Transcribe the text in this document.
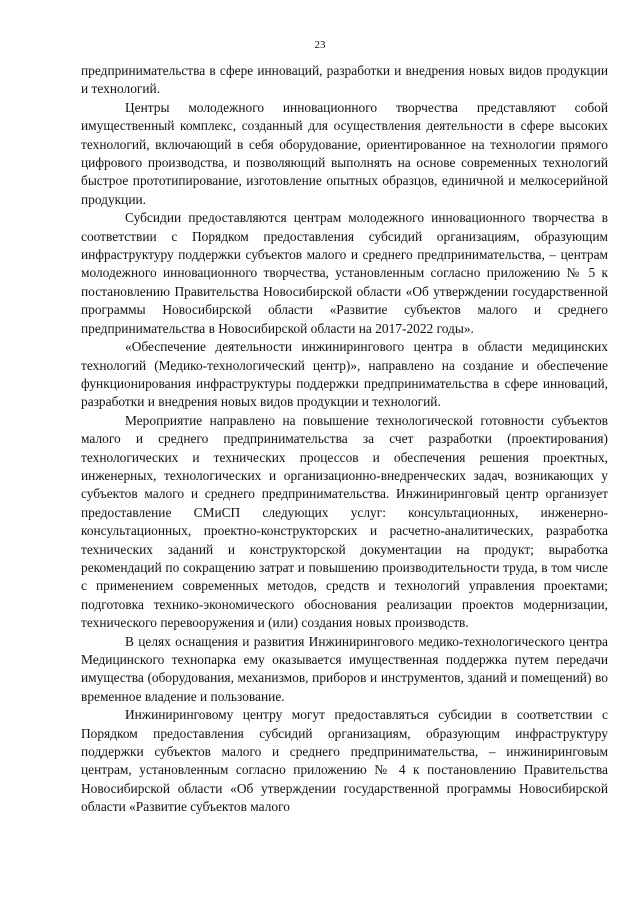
23

предпринимательства в сфере инноваций, разработки и внедрения новых видов продукции и технологий.

Центры молодежного инновационного творчества представляют собой имущественный комплекс, созданный для осуществления деятельности в сфере высоких технологий, включающий в себя оборудование, ориентированное на технологии прямого цифрового производства, и позволяющий выполнять на основе современных технологий быстрое прототипирование, изготовление опытных образцов, единичной и мелкосерийной продукции.

Субсидии предоставляются центрам молодежного инновационного творчества в соответствии с Порядком предоставления субсидий организациям, образующим инфраструктуру поддержки субъектов малого и среднего предпринимательства, – центрам молодежного инновационного творчества, установленным согласно приложению № 5 к постановлению Правительства Новосибирской области «Об утверждении государственной программы Новосибирской области «Развитие субъектов малого и среднего предпринимательства в Новосибирской области на 2017-2022 годы».

«Обеспечение деятельности инжинирингового центра в области медицинских технологий (Медико-технологический центр)», направлено на создание и обеспечение функционирования инфраструктуры поддержки предпринимательства в сфере инноваций, разработки и внедрения новых видов продукции и технологий.

Мероприятие направлено на повышение технологической готовности субъектов малого и среднего предпринимательства за счет разработки (проектирования) технологических и технических процессов и обеспечения решения проектных, инженерных, технологических и организационно-внедренческих задач, возникающих у субъектов малого и среднего предпринимательства. Инжиниринговый центр организует предоставление СМиСП следующих услуг: консультационных, инженерно-консультационных, проектно-конструкторских и расчетно-аналитических, разработка технических заданий и конструкторской документации на продукт; выработка рекомендаций по сокращению затрат и повышению производительности труда, в том числе с применением современных методов, средств и технологий управления проектами; подготовка технико-экономического обоснования реализации проектов модернизации, технического перевооружения и (или) создания новых производств.

В целях оснащения и развития Инжинирингового медико-технологического центра Медицинского технопарка ему оказывается имущественная поддержка путем передачи имущества (оборудования, механизмов, приборов и инструментов, зданий и помещений) во временное владение и пользование.

Инжиниринговому центру могут предоставляться субсидии в соответствии с Порядком предоставления субсидий организациям, образующим инфраструктуру поддержки субъектов малого и среднего предпринимательства, – инжиниринговым центрам, установленным согласно приложению № 4 к постановлению Правительства Новосибирской области «Об утверждении государственной программы Новосибирской области «Развитие субъектов малого
